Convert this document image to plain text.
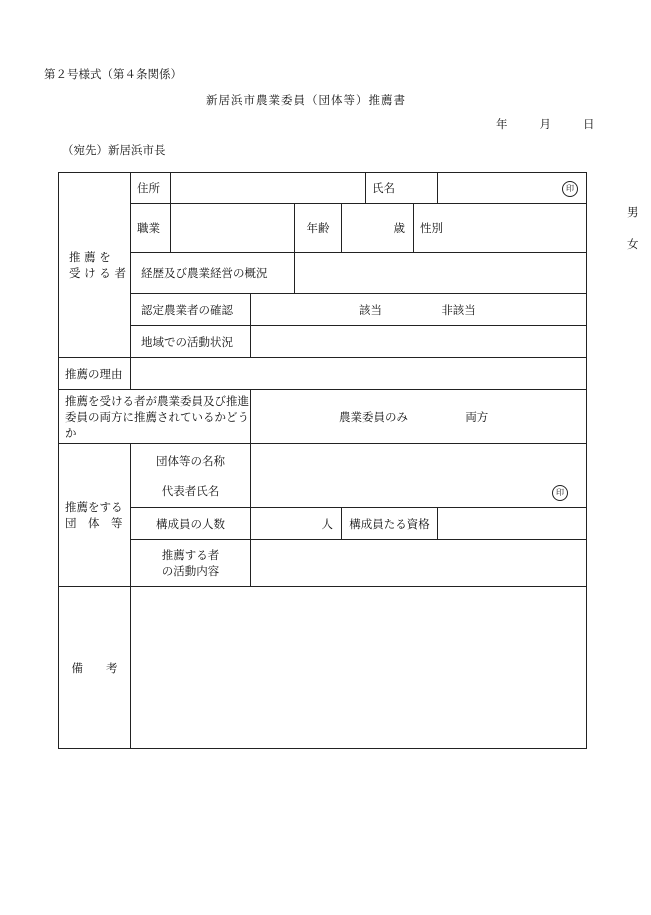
第２号様式（第４条関係）
新居浜市農業委員（団体等）推薦書
年	月	日
（宛先）新居浜市長
推 薦 を
受 け る 者	住所					氏名		印	
	職業			年齢	歳		性別		男  女
	経歴及び農業経営の概況								
	認定農業者の確認		該当 非該当						
	地域での活動状況								
推薦の理由									
推薦を受ける者が農業委員及び推進委員の両方に推薦されているかどうか			農業委員のみ 両方						

推薦をする
団　体　等	団体等の名称
代表者氏名		印						
	構成員の人数		人		構成員たる資格				

	推薦する者
の活動内容								

備　　考									
